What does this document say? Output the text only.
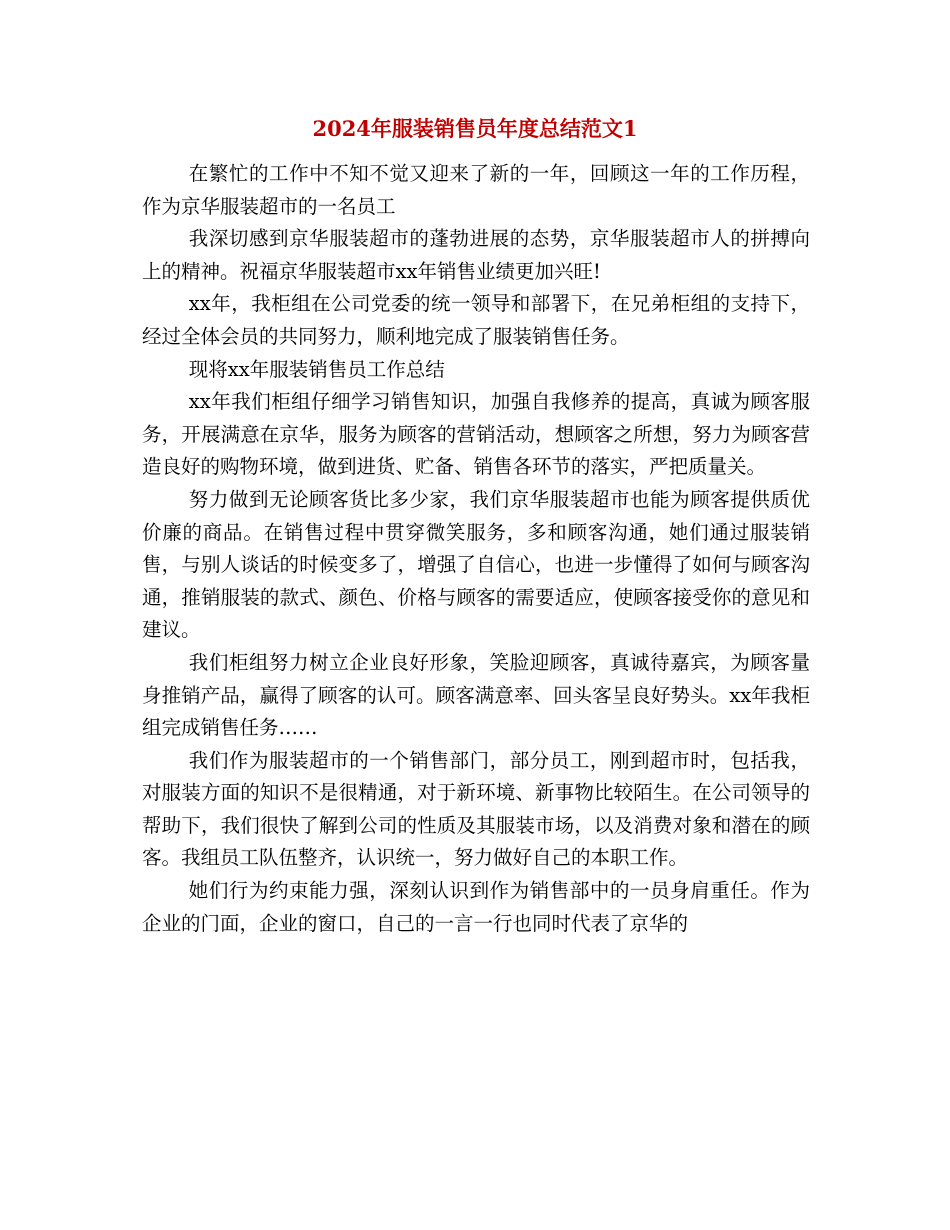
2024年服装销售员年度总结范文1

在繁忙的工作中不知不觉又迎来了新的一年，回顾这一年的工作历程，作为京华服装超市的一名员工

我深切感到京华服装超市的蓬勃进展的态势，京华服装超市人的拼搏向上的精神。祝福京华服装超市xx年销售业绩更加兴旺!

xx年，我柜组在公司党委的统一领导和部署下，在兄弟柜组的支持下，经过全体会员的共同努力，顺利地完成了服装销售任务。

现将xx年服装销售员工作总结

xx年我们柜组仔细学习销售知识，加强自我修养的提高，真诚为顾客服务，开展满意在京华，服务为顾客的营销活动，想顾客之所想，努力为顾客营造良好的购物环境，做到进货、贮备、销售各环节的落实，严把质量关。

努力做到无论顾客货比多少家，我们京华服装超市也能为顾客提供质优价廉的商品。在销售过程中贯穿微笑服务，多和顾客沟通，她们通过服装销售，与别人谈话的时候变多了，增强了自信心，也进一步懂得了如何与顾客沟通，推销服装的款式、颜色、价格与顾客的需要适应，使顾客接受你的意见和建议。

我们柜组努力树立企业良好形象，笑脸迎顾客，真诚待嘉宾，为顾客量身推销产品，赢得了顾客的认可。顾客满意率、回头客呈良好势头。xx年我柜组完成销售任务……

我们作为服装超市的一个销售部门，部分员工，刚到超市时，包括我，对服装方面的知识不是很精通，对于新环境、新事物比较陌生。在公司领导的帮助下，我们很快了解到公司的性质及其服装市场，以及消费对象和潜在的顾客。我组员工队伍整齐，认识统一，努力做好自己的本职工作。

她们行为约束能力强，深刻认识到作为销售部中的一员身肩重任。作为企业的门面，企业的窗口，自己的一言一行也同时代表了京华的
